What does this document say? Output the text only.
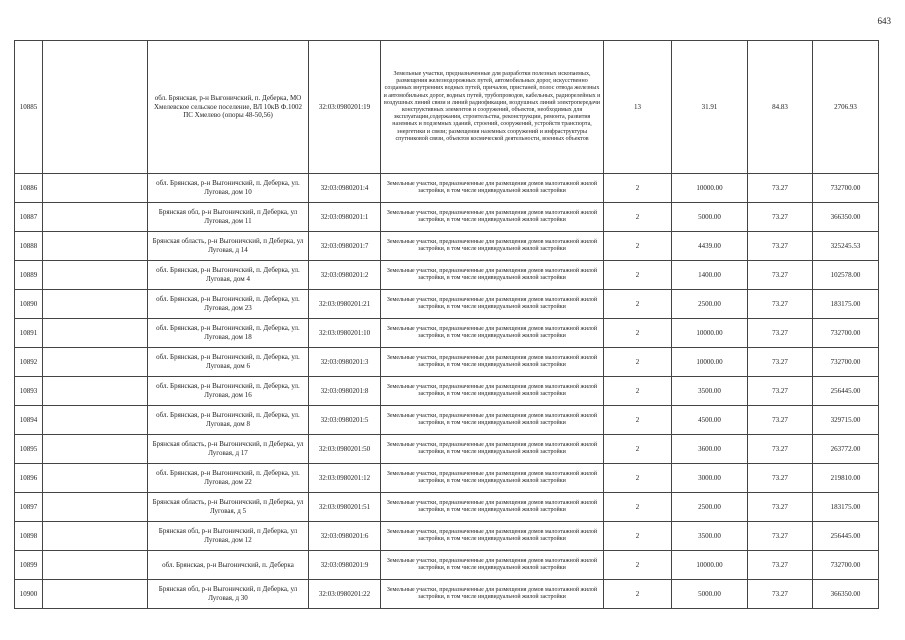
643
10885		обл. Брянская, р-н Выгоничский, п. Деберка, МО Хмелевское сельское поселение, ВЛ 10кВ Ф.1002 ПС Хмелево (опоры 48-50,56)	32:03:0980201:19	Земельные участки, предназначенные для разработки полезных ископаемых, размещения железнодорожных путей, автомобильных дорог, искусственно созданных внутренних водных путей, причалов, пристаней, полос отвода железных и автомобильных дорог, водных путей, трубопроводов, кабельных, радиорелейных и воздушных линий связи и линий радиофикации, воздушных линий электропередачи конструктивных элементов и сооружений, объектов, необходимых для эксплуатации,содержания, строительства, реконструкции, ремонта, развития наземных и подземных зданий, строений, сооружений, устройств транспорта, энергетики и связи; размещения наземных сооружений и инфраструктуры спутниковой связи, объектов космической деятельности, военных объектов	13	31.91	84.83	2706.93
10886		обл. Брянская, р-н Выгоничский, п. Деберка, ул. Луговая, дом 10	32:03:0980201:4	Земельные участки, предназначенные для размещения домов малоэтажной жилой застройки, в том числе индивидуальной жилой застройки	2	10000.00	73.27	732700.00
10887		Брянская обл, р-н Выгоничский, п Деберка, ул Луговая, дом 11	32:03:0980201:1	Земельные участки, предназначенные для размещения домов малоэтажной жилой застройки, в том числе индивидуальной жилой застройки	2	5000.00	73.27	366350.00
10888		Брянская область, р-н Выгоничский, п Деберка, ул Луговая, д 14	32:03:0980201:7	Земельные участки, предназначенные для размещения домов малоэтажной жилой застройки, в том числе индивидуальной жилой застройки	2	4439.00	73.27	325245.53
10889		обл. Брянская, р-н Выгоничский, п. Деберка, ул. Луговая, дом 4	32:03:0980201:2	Земельные участки, предназначенные для размещения домов малоэтажной жилой застройки, в том числе индивидуальной жилой застройки	2	1400.00	73.27	102578.00
10890		обл. Брянская, р-н Выгоничский, п. Деберка, ул. Луговая, дом 23	32:03:0980201:21	Земельные участки, предназначенные для размещения домов малоэтажной жилой застройки, в том числе индивидуальной жилой застройки	2	2500.00	73.27	183175.00
10891		обл. Брянская, р-н Выгоничский, п. Деберка, ул. Луговая, дом 18	32:03:0980201:10	Земельные участки, предназначенные для размещения домов малоэтажной жилой застройки, в том числе индивидуальной жилой застройки	2	10000.00	73.27	732700.00
10892		обл. Брянская, р-н Выгоничский, п. Деберка, ул. Луговая, дом 6	32:03:0980201:3	Земельные участки, предназначенные для размещения домов малоэтажной жилой застройки, в том числе индивидуальной жилой застройки	2	10000.00	73.27	732700.00
10893		обл. Брянская, р-н Выгоничский, п. Деберка, ул. Луговая, дом 16	32:03:0980201:8	Земельные участки, предназначенные для размещения домов малоэтажной жилой застройки, в том числе индивидуальной жилой застройки	2	3500.00	73.27	256445.00
10894		обл. Брянская, р-н Выгоничский, п. Деберка, ул. Луговая, дом 8	32:03:0980201:5	Земельные участки, предназначенные для размещения домов малоэтажной жилой застройки, в том числе индивидуальной жилой застройки	2	4500.00	73.27	329715.00
10895		Брянская область, р-н Выгоничский, п Деберка, ул Луговая, д 17	32:03:0980201:50	Земельные участки, предназначенные для размещения домов малоэтажной жилой застройки, в том числе индивидуальной жилой застройки	2	3600.00	73.27	263772.00
10896		обл. Брянская, р-н Выгоничский, п. Деберка, ул. Луговая, дом 22	32:03:0980201:12	Земельные участки, предназначенные для размещения домов малоэтажной жилой застройки, в том числе индивидуальной жилой застройки	2	3000.00	73.27	219810.00
10897		Брянская область, р-н Выгоничский, п Деберка, ул Луговая, д 5	32:03:0980201:51	Земельные участки, предназначенные для размещения домов малоэтажной жилой застройки, в том числе индивидуальной жилой застройки	2	2500.00	73.27	183175.00
10898		Брянская обл, р-н Выгоничский, п Деберка, ул Луговая, дом 12	32:03:0980201:6	Земельные участки, предназначенные для размещения домов малоэтажной жилой застройки, в том числе индивидуальной жилой застройки	2	3500.00	73.27	256445.00
10899		обл. Брянская, р-н Выгоничский, п. Деберка	32:03:0980201:9	Земельные участки, предназначенные для размещения домов малоэтажной жилой застройки, в том числе индивидуальной жилой застройки	2	10000.00	73.27	732700.00
10900		Брянская обл, р-н Выгоничский, п Деберка, ул Луговая, д 30	32:03:0980201:22	Земельные участки, предназначенные для размещения домов малоэтажной жилой застройки, в том числе индивидуальной жилой застройки	2	5000.00	73.27	366350.00
